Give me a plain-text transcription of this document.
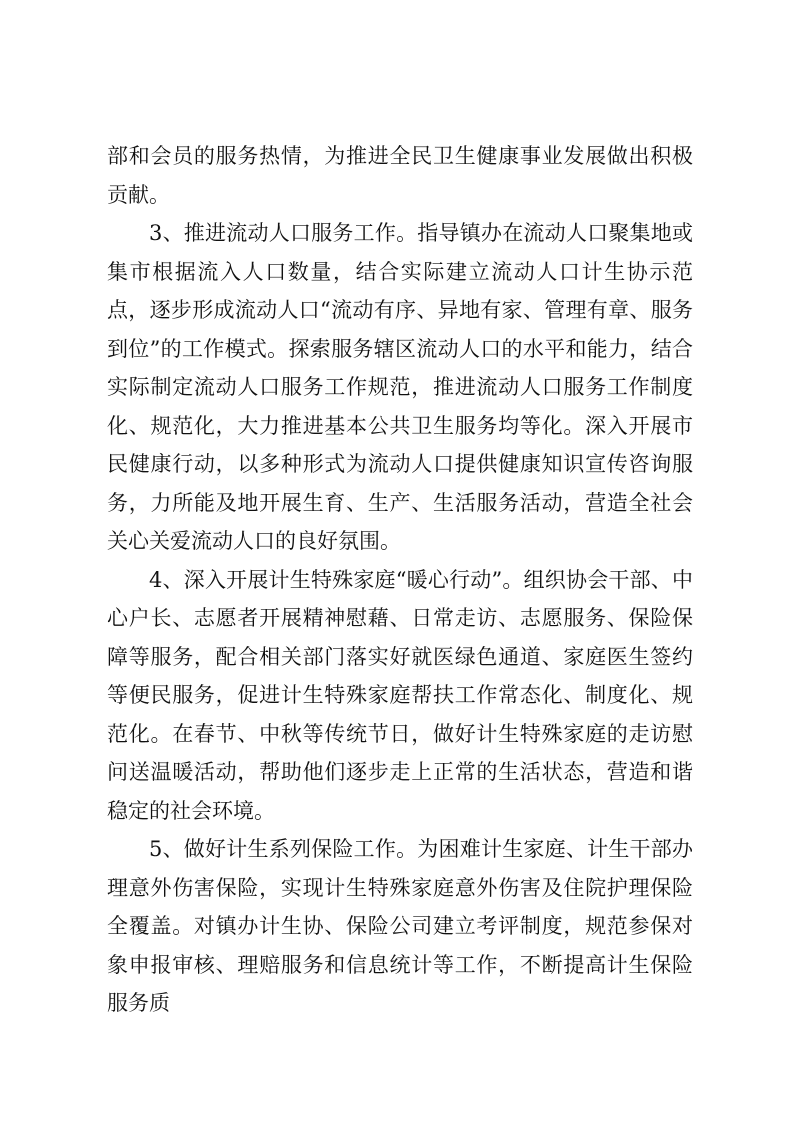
部和会员的服务热情，为推进全民卫生健康事业发展做出积极贡献。

3、推进流动人口服务工作。指导镇办在流动人口聚集地或集市根据流入人口数量，结合实际建立流动人口计生协示范点，逐步形成流动人口“流动有序、异地有家、管理有章、服务到位”的工作模式。探索服务辖区流动人口的水平和能力，结合实际制定流动人口服务工作规范，推进流动人口服务工作制度化、规范化，大力推进基本公共卫生服务均等化。深入开展市民健康行动，以多种形式为流动人口提供健康知识宣传咨询服务，力所能及地开展生育、生产、生活服务活动，营造全社会关心关爱流动人口的良好氛围。

4、深入开展计生特殊家庭“暖心行动”。组织协会干部、中心户长、志愿者开展精神慰藉、日常走访、志愿服务、保险保障等服务，配合相关部门落实好就医绿色通道、家庭医生签约等便民服务，促进计生特殊家庭帮扶工作常态化、制度化、规范化。在春节、中秋等传统节日，做好计生特殊家庭的走访慰问送温暖活动，帮助他们逐步走上正常的生活状态，营造和谐稳定的社会环境。

5、做好计生系列保险工作。为困难计生家庭、计生干部办理意外伤害保险，实现计生特殊家庭意外伤害及住院护理保险全覆盖。对镇办计生协、保险公司建立考评制度，规范参保对象申报审核、理赔服务和信息统计等工作，不断提高计生保险服务质
